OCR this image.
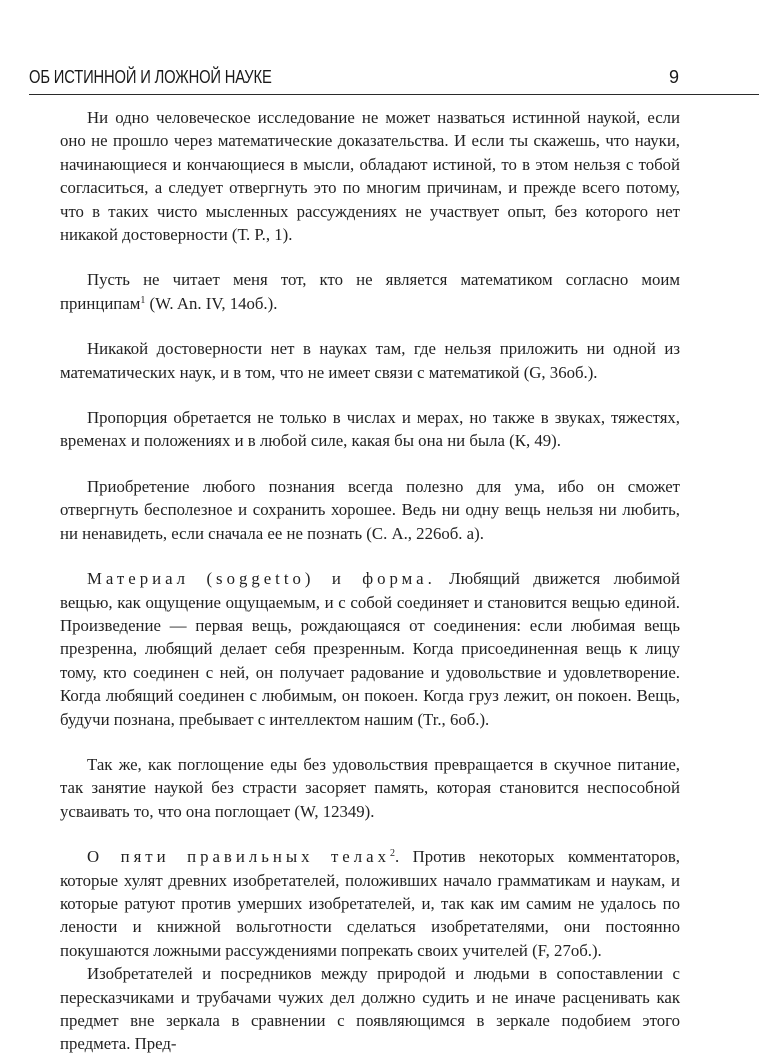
ОБ ИСТИННОЙ И ЛОЖНОЙ НАУКЕ	9

Ни одно человеческое исследование не может назваться истинной наукой, если оно не прошло через математические доказательства. И если ты скажешь, что науки, начинающиеся и кончающиеся в мысли, обладают истиной, то в этом нельзя с тобой согласиться, а следует отвергнуть это по многим причинам, и прежде всего потому, что в таких чисто мысленных рассуждениях не участвует опыт, без которого нет никакой достоверности (Т. Р., 1).

Пусть не читает меня тот, кто не является математиком согласно моим принципам$^1$ (W. An. IV, 14об.).

Никакой достоверности нет в науках там, где нельзя приложить ни одной из математических наук, и в том, что не имеет связи с математикой (G, 36об.).

Пропорция обретается не только в числах и мерах, но также в звуках, тяжестях, временах и положениях и в любой силе, какая бы она ни была (К, 49).

Приобретение любого познания всегда полезно для ума, ибо он сможет отвергнуть бесполезное и сохранить хорошее. Ведь ни одну вещь нельзя ни любить, ни ненавидеть, если сначала ее не познать (С. А., 226об. а).

Материал (soggetto) и форма. Любящий движется любимой вещью, как ощущение ощущаемым, и с собой соединяет и становится вещью единой. Произведение — первая вещь, рождающаяся от соединения: если любимая вещь презренна, любящий делает себя презренным. Когда присоединенная вещь к лицу тому, кто соединен с ней, он получает радование и удовольствие и удовлетворение. Когда любящий соединен с любимым, он покоен. Когда груз лежит, он покоен. Вещь, будучи познана, пребывает с интеллектом нашим (Tr., 6об.).

Так же, как поглощение еды без удовольствия превращается в скучное питание, так занятие наукой без страсти засоряет память, которая становится неспособной усваивать то, что она поглощает (W, 12349).

О пяти правильных телах$^2$. Против некоторых комментаторов, которые хулят древних изобретателей, положивших начало грамматикам и наукам, и которые ратуют против умерших изобретателей, и, так как им самим не удалось по лености и книжной вольготности сделаться изобретателями, они постоянно покушаются ложными рассуждениями попрекать своих учителей (F, 27об.).

Изобретателей и посредников между природой и людьми в сопоставлении с пересказчиками и трубачами чужих дел должно судить и не иначе расценивать как предмет вне зеркала в сравнении с появляющимся в зеркале подобием этого предмета. Пред-
